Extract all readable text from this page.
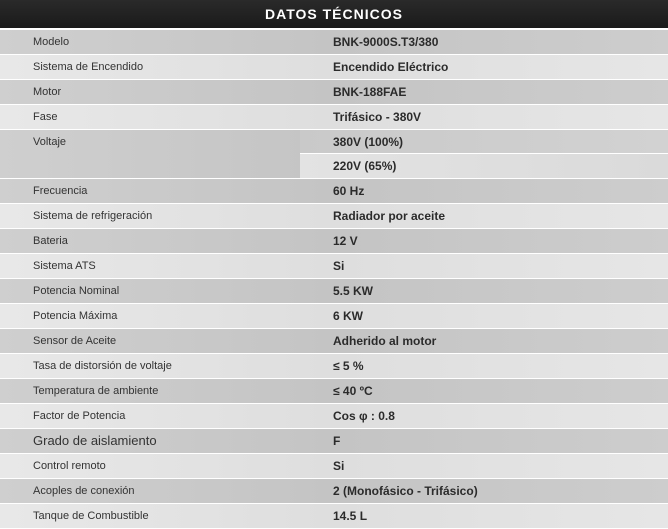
DATOS TÉCNICOS
Modelo	BNK-9000S.T3/380
Sistema de Encendido	Encendido Eléctrico
Motor	BNK-188FAE
Fase	Trifásico - 380V
Voltaje	380V (100%)
220V (65%)
Frecuencia	60 Hz
Sistema de refrigeración	Radiador por aceite
Bateria	12 V
Sistema ATS	Si
Potencia Nominal	5.5 KW
Potencia Máxima	6 KW
Sensor de Aceite	Adherido al motor
Tasa de distorsión de voltaje	≤ 5 %
Temperatura de ambiente	≤ 40 ºC
Factor de Potencia	Cos φ : 0.8
Grado de aislamiento	F
Control remoto	Si
Acoples de conexión	2 (Monofásico - Trifásico)
Tanque de Combustible	14.5 L
